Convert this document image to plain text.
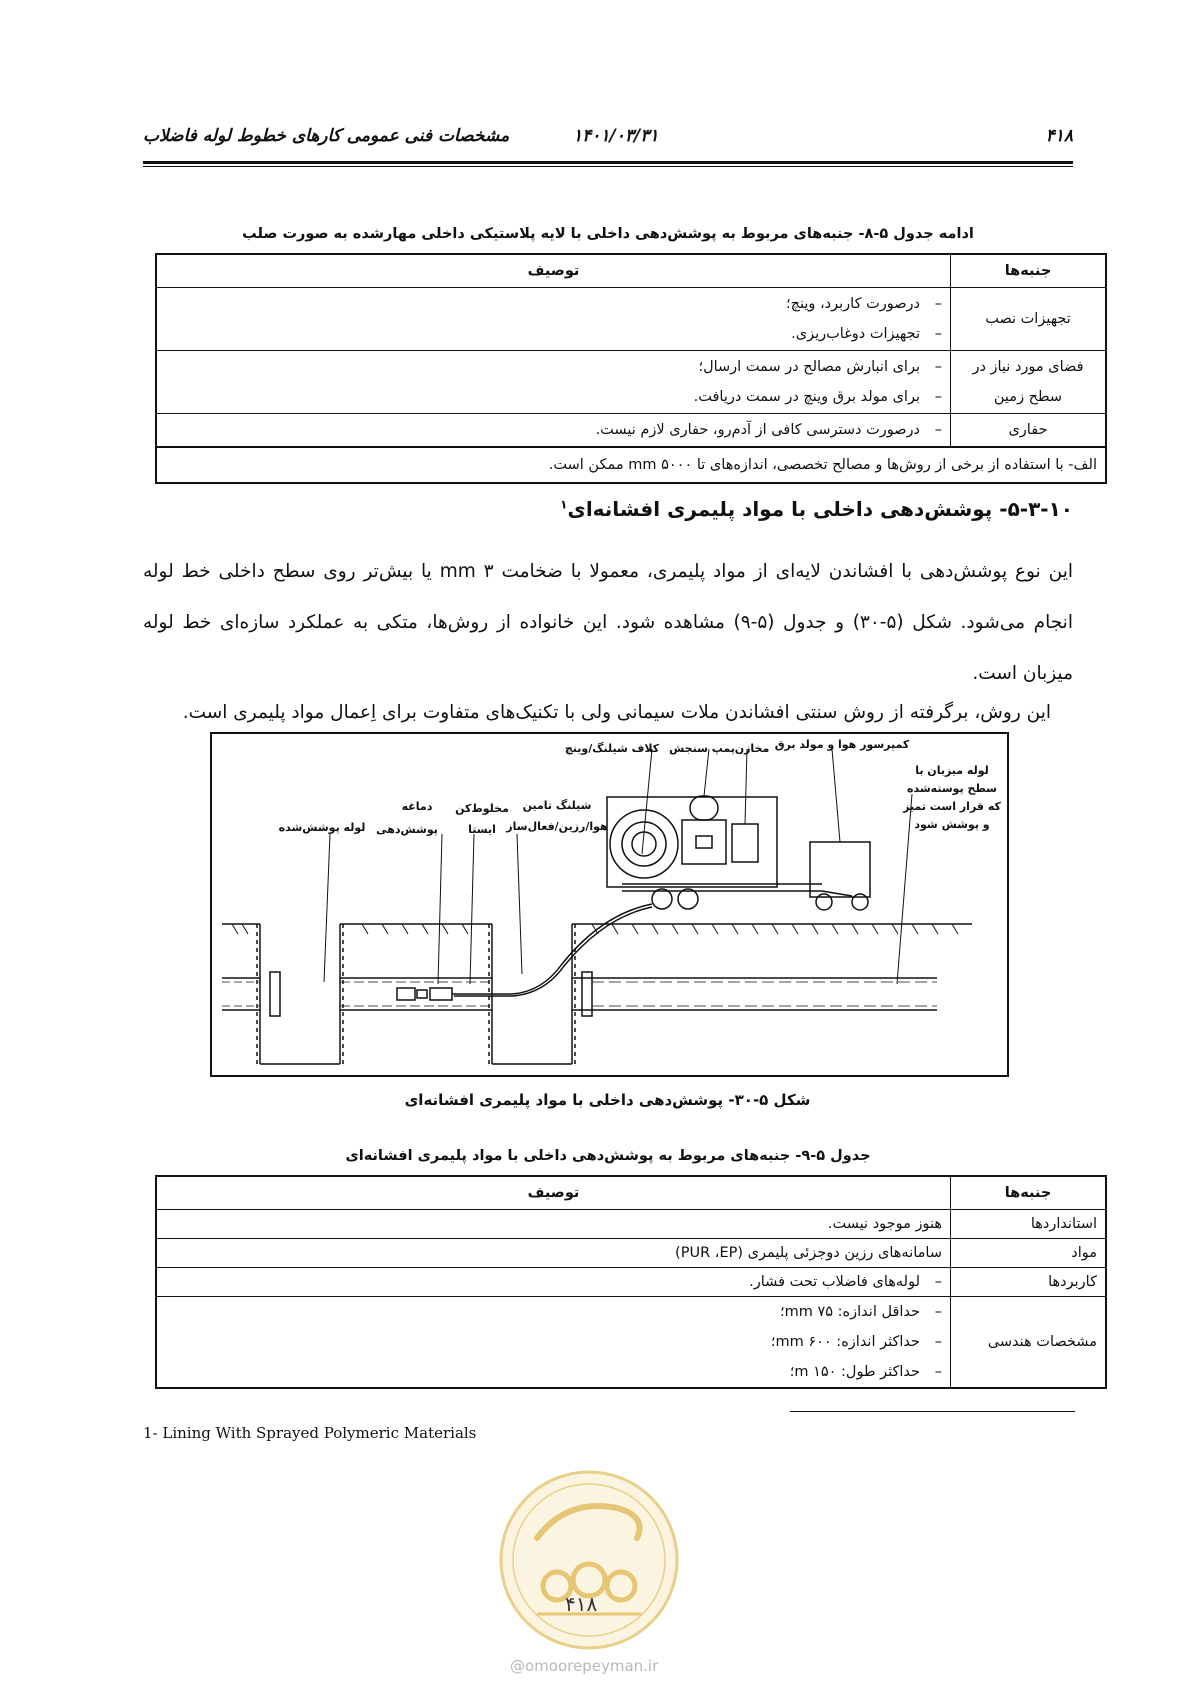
۴۱۸
۱۴۰۱/۰۳/۳۱
مشخصات فنی عمومی کارهای خطوط لوله فاضلاب
ادامه جدول ۵-۸- جنبه‌های مربوط به پوشش‌دهی داخلی با لایه پلاستیکی داخلی مهارشده به صورت صلب
جنبه‌ها	توصیف
تجهیزات نصب	–درصورت کاربرد، وینچ؛
–تجهیزات دوغاب‌ریزی.

فضای مورد نیاز در سطح زمین	–برای انبارش مصالح در سمت ارسال؛
–برای مولد برق وینچ در سمت دریافت.

حفاری	–درصورت دسترسی کافی از آدم‌رو، حفاری لازم نیست.

الف- با استفاده از برخی از روش‌ها و مصالح تخصصی، اندازه‌های تا ۵۰۰۰ mm ممکن است.	
۵-۳-۱۰- پوشش‌دهی داخلی با مواد پلیمری افشانه‌ای$^۱$
این نوع پوشش‌دهی با افشاندن لایه‌ای از مواد پلیمری، معمولا با ضخامت ۳ mm یا بیش‌تر روی سطح داخلی خط لوله انجام می‌شود. شکل (۵-۳۰) و جدول (۵-۹) مشاهده شود. این خانواده از روش‌ها، متکی به عملکرد سازه‌ای خط لوله میزبان است.
این روش، برگرفته از روش سنتی افشاندن ملات سیمانی ولی با تکنیک‌های متفاوت برای اِعمال مواد پلیمری است.
کمپرسور هوا و مولد برق
مخازن
پمپ سنجش
کلاف شیلنگ/وینچ
لوله میزبان با
سطح پوسته‌شده
که قرار است تمیز
و پوشش شود
شیلنگ تامین
هوا/رزین/فعال‌ساز
مخلوط‌کن
ایستا
دماغه
پوشش‌دهی
لوله پوشش‌شده
شکل ۵-۳۰- پوشش‌دهی داخلی با مواد پلیمری افشانه‌ای
جدول ۵-۹- جنبه‌های مربوط به پوشش‌دهی داخلی با مواد پلیمری افشانه‌ای
جنبه‌ها	توصیف
استانداردها	هنوز موجود نیست.
مواد	سامانه‌های رزین دوجزئی پلیمری (PUR ،EP)
کاربردها	–لوله‌های فاضلاب تحت فشار.
مشخصات هندسی	–حداقل اندازه: ۷۵ mm؛
–حداکثر اندازه: ۶۰۰ mm؛
–حداکثر طول: ۱۵۰ m؛
1- Lining With Sprayed Polymeric Materials
۴۱۸
@omoorepeyman.ir
